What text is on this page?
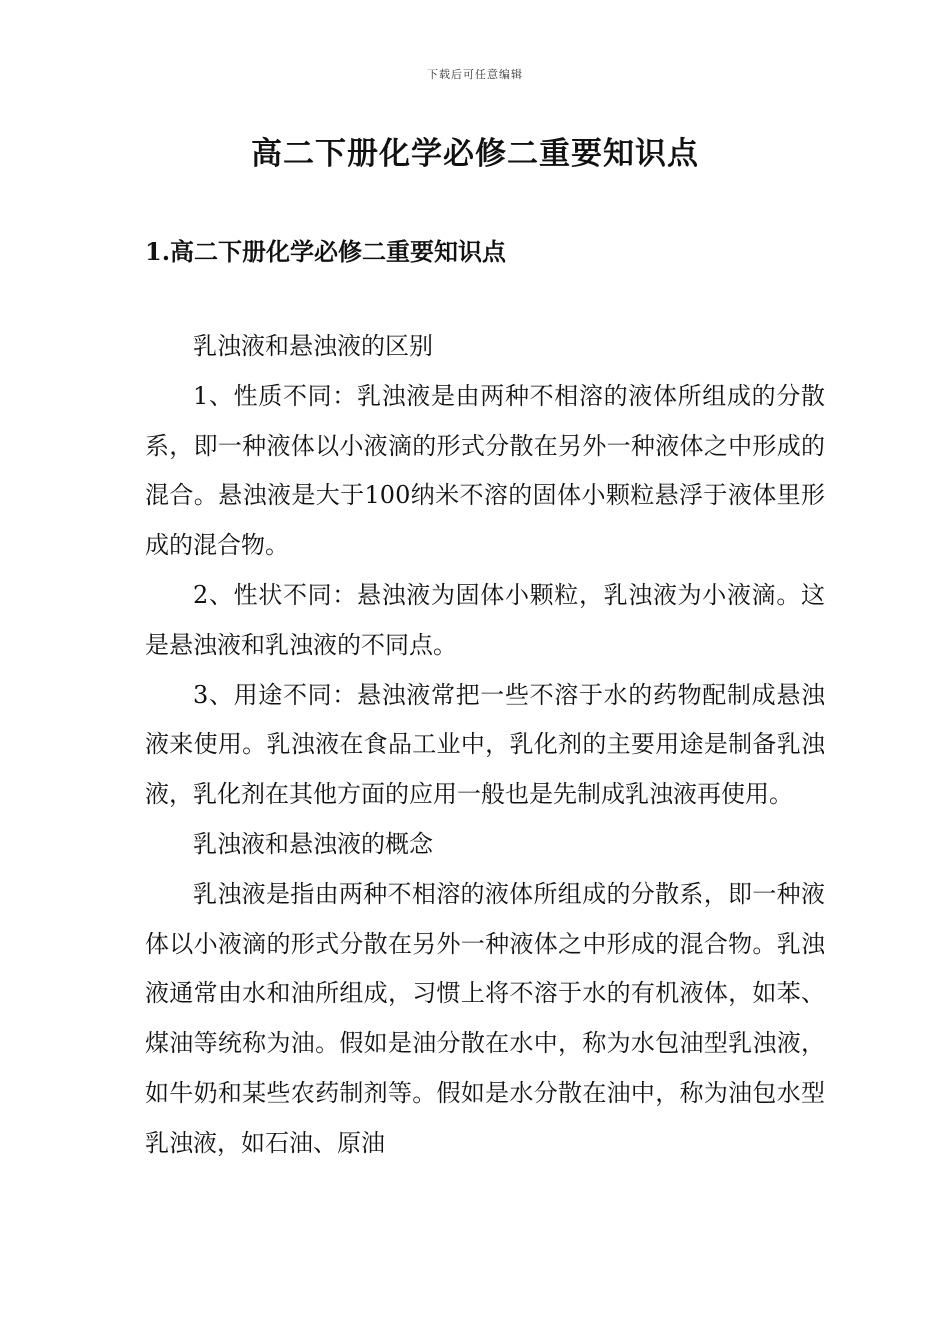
下载后可任意编辑
高二下册化学必修二重要知识点
1.高二下册化学必修二重要知识点

乳浊液和悬浊液的区别

1、性质不同：乳浊液是由两种不相溶的液体所组成的分散系，即一种液体以小液滴的形式分散在另外一种液体之中形成的混合。悬浊液是大于100纳米不溶的固体小颗粒悬浮于液体里形成的混合物。

2、性状不同：悬浊液为固体小颗粒，乳浊液为小液滴。这是悬浊液和乳浊液的不同点。

3、用途不同：悬浊液常把一些不溶于水的药物配制成悬浊液来使用。乳浊液在食品工业中，乳化剂的主要用途是制备乳浊液，乳化剂在其他方面的应用一般也是先制成乳浊液再使用。

乳浊液和悬浊液的概念

乳浊液是指由两种不相溶的液体所组成的分散系，即一种液体以小液滴的形式分散在另外一种液体之中形成的混合物。乳浊液通常由水和油所组成，习惯上将不溶于水的有机液体，如苯、煤油等统称为油。假如是油分散在水中，称为水包油型乳浊液，如牛奶和某些农药制剂等。假如是水分散在油中，称为油包水型乳浊液，如石油、原油
